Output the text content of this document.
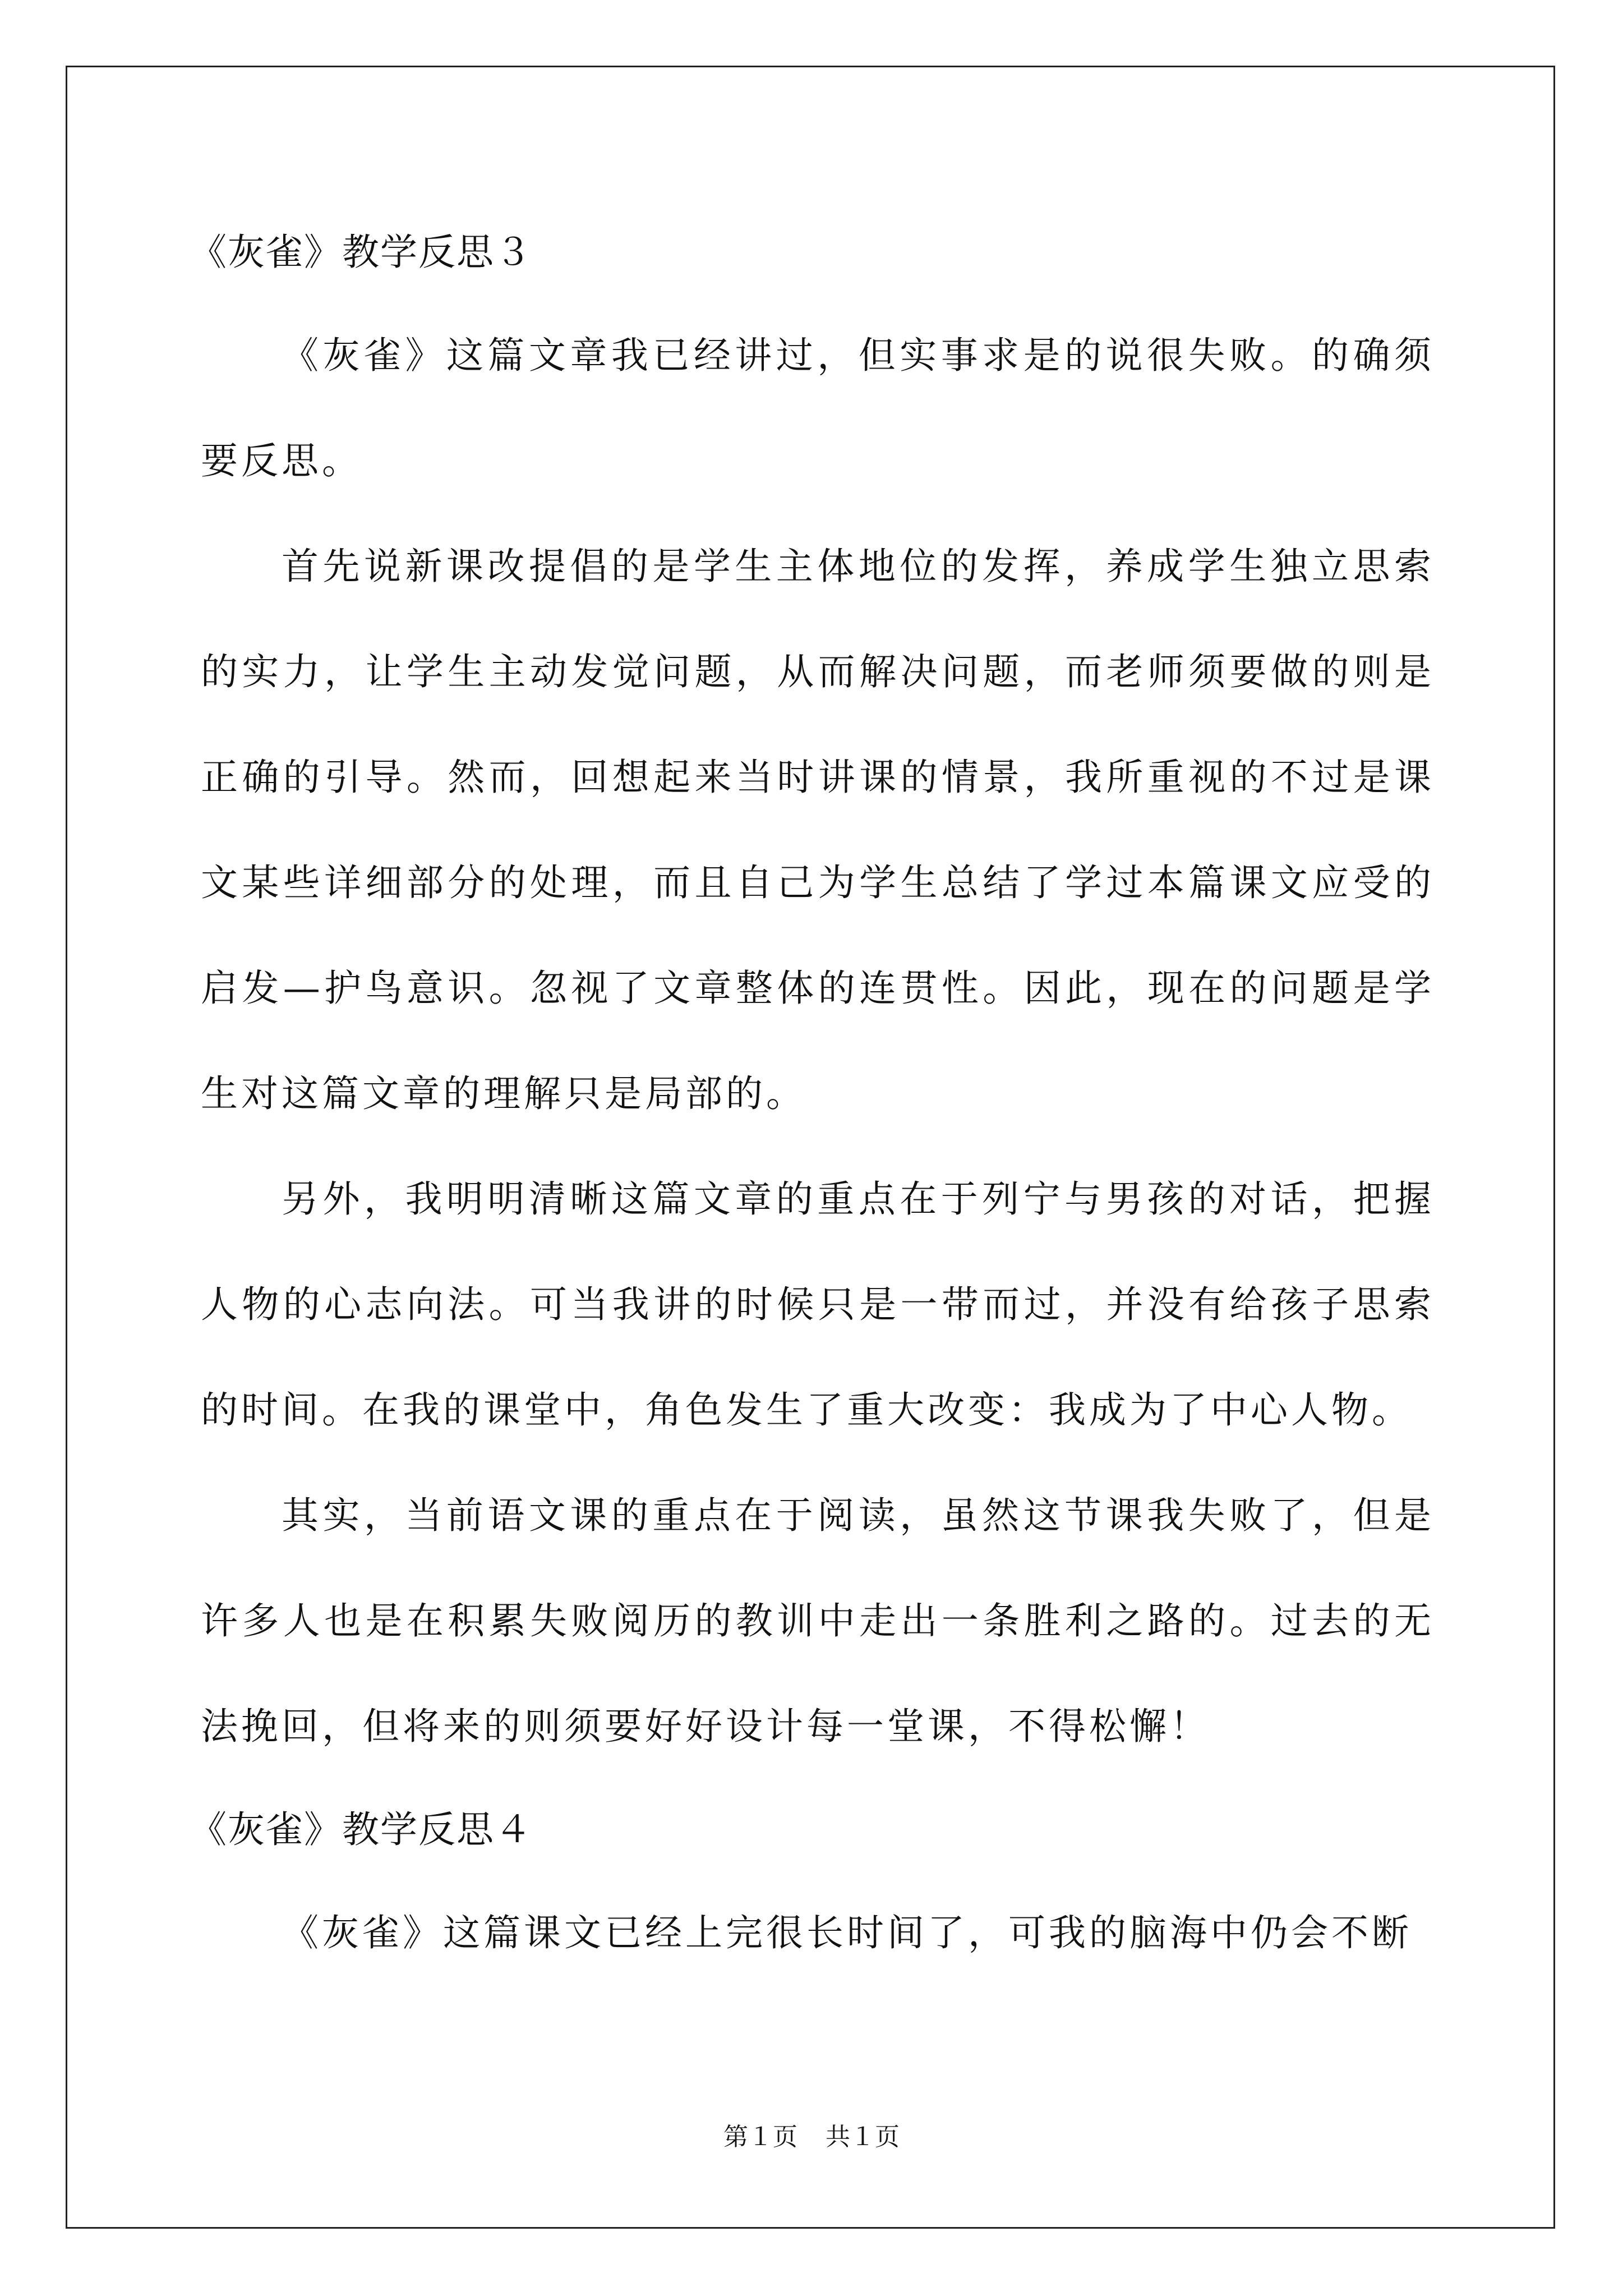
《灰雀》教学反思３

《灰雀》这篇文章我已经讲过，但实事求是的说很失败。的确须要反思。

首先说新课改提倡的是学生主体地位的发挥，养成学生独立思索的实力，让学生主动发觉问题，从而解决问题，而老师须要做的则是正确的引导。然而，回想起来当时讲课的情景，我所重视的不过是课文某些详细部分的处理，而且自己为学生总结了学过本篇课文应受的启发—护鸟意识。忽视了文章整体的连贯性。因此，现在的问题是学生对这篇文章的理解只是局部的。

另外，我明明清晰这篇文章的重点在于列宁与男孩的对话，把握人物的心志向法。可当我讲的时候只是一带而过，并没有给孩子思索的时间。在我的课堂中，角色发生了重大改变：我成为了中心人物。

其实，当前语文课的重点在于阅读，虽然这节课我失败了，但是许多人也是在积累失败阅历的教训中走出一条胜利之路的。过去的无法挽回，但将来的则须要好好设计每一堂课，不得松懈！

《灰雀》教学反思４

《灰雀》这篇课文已经上完很长时间了，可我的脑海中仍会不断

第１页 共１页
